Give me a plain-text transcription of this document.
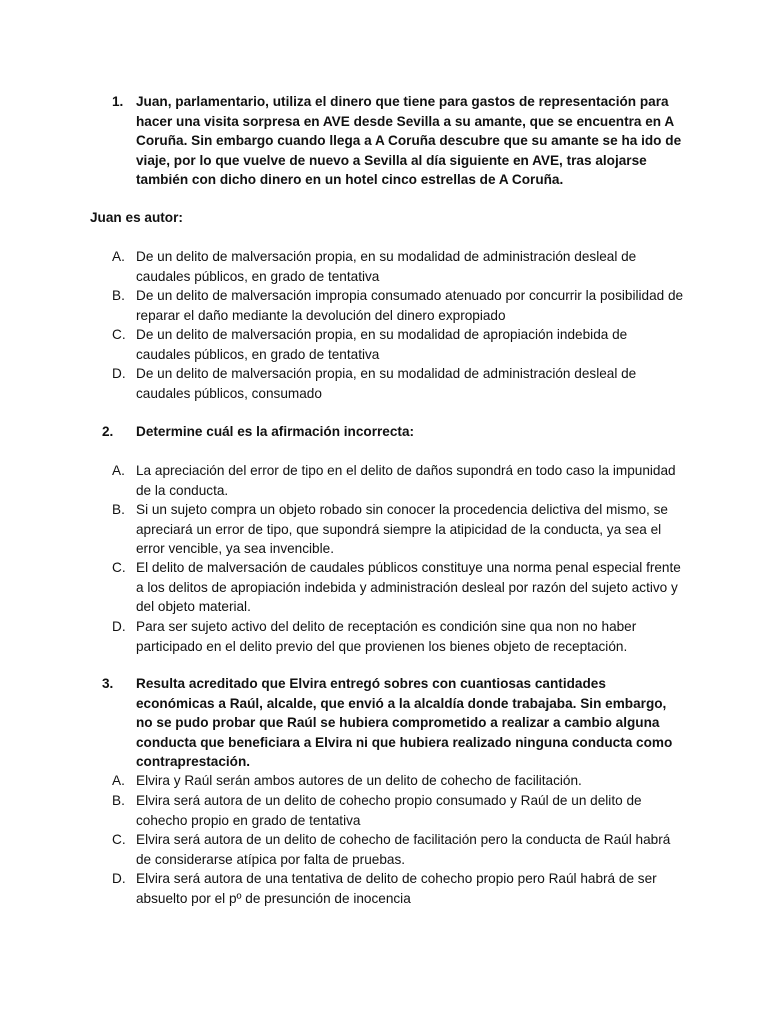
1. Juan, parlamentario, utiliza el dinero que tiene para gastos de representación para hacer una visita sorpresa en AVE desde Sevilla a su amante, que se encuentra en A Coruña. Sin embargo cuando llega a A Coruña descubre que su amante se ha ido de viaje, por lo que vuelve de nuevo a Sevilla al día siguiente en AVE, tras alojarse también con dicho dinero en un hotel cinco estrellas de A Coruña.
Juan es autor:
A. De un delito de malversación propia, en su modalidad de administración desleal de caudales públicos, en grado de tentativa
B. De un delito de malversación impropia consumado atenuado por concurrir la posibilidad de reparar el daño mediante la devolución del dinero expropiado
C. De un delito de malversación propia, en su modalidad de apropiación indebida de caudales públicos, en grado de tentativa
D. De un delito de malversación propia, en su modalidad de administración desleal de caudales públicos, consumado
2. Determine cuál es la afirmación incorrecta:
A. La apreciación del error de tipo en el delito de daños supondrá en todo caso la impunidad de la conducta.
B. Si un sujeto compra un objeto robado sin conocer la procedencia delictiva del mismo, se apreciará un error de tipo, que supondrá siempre la atipicidad de la conducta, ya sea el error vencible, ya sea invencible.
C. El delito de malversación de caudales públicos constituye una norma penal especial frente a los delitos de apropiación indebida y administración desleal por razón del sujeto activo y del objeto material.
D. Para ser sujeto activo del delito de receptación es condición sine qua non no haber participado en el delito previo del que provienen los bienes objeto de receptación.
3. Resulta acreditado que Elvira entregó sobres con cuantiosas cantidades económicas a Raúl, alcalde, que envió a la alcaldía donde trabajaba. Sin embargo, no se pudo probar que Raúl se hubiera comprometido a realizar a cambio alguna conducta que beneficiara a Elvira ni que hubiera realizado ninguna conducta como contraprestación.
A. Elvira y Raúl serán ambos autores de un delito de cohecho de facilitación.
B. Elvira será autora de un delito de cohecho propio consumado y Raúl de un delito de cohecho propio en grado de tentativa
C. Elvira será autora de un delito de cohecho de facilitación pero la conducta de Raúl habrá de considerarse atípica por falta de pruebas.
D. Elvira será autora de una tentativa de delito de cohecho propio pero Raúl habrá de ser absuelto por el pº de presunción de inocencia
